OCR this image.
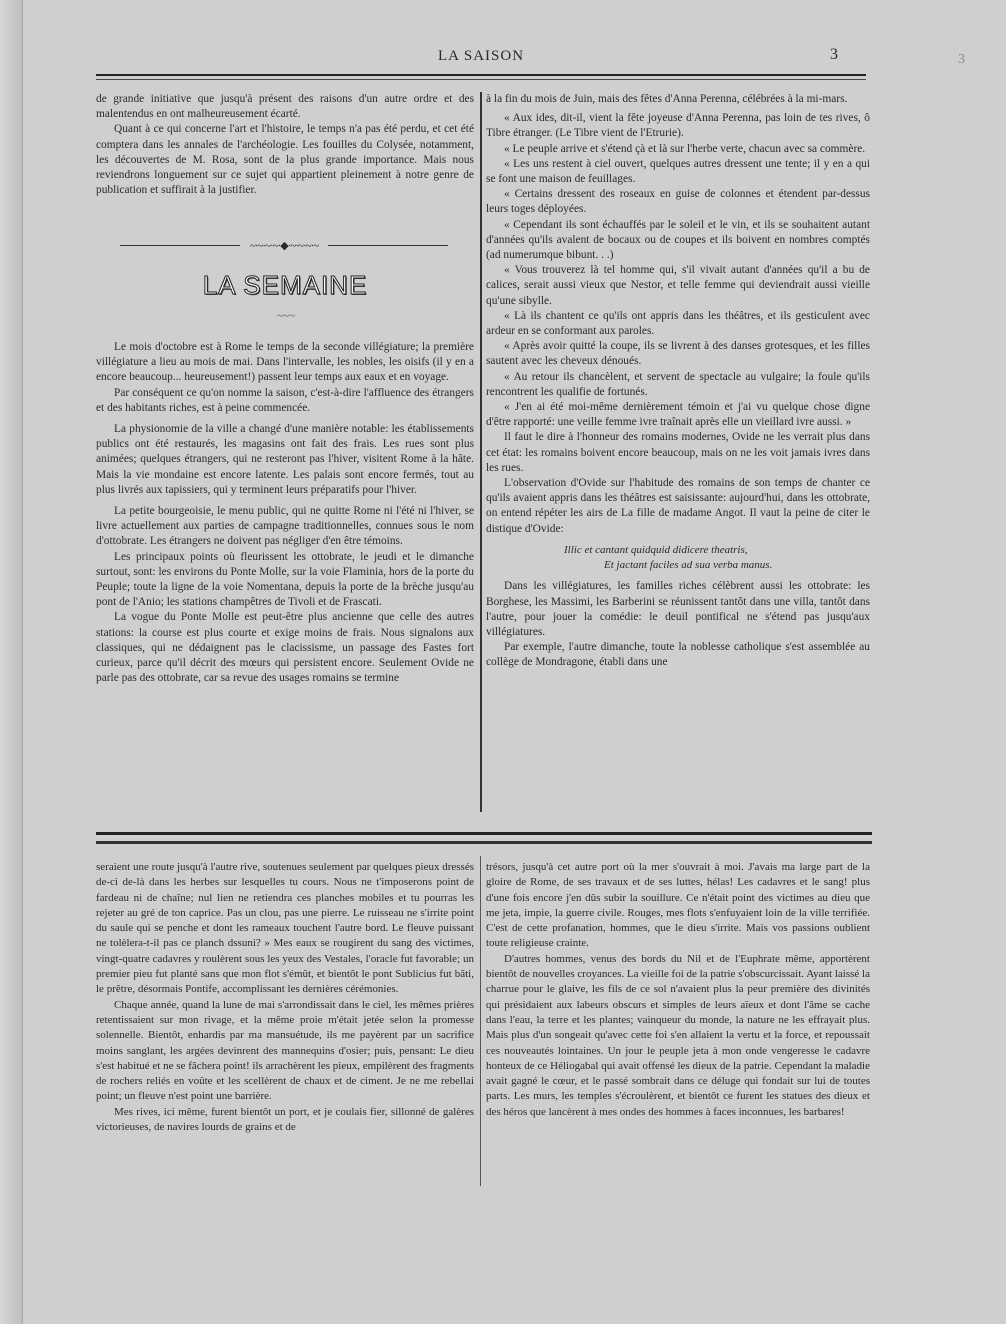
3
LA SAISON	3

de grande initiative que jusqu'à présent des raisons d'un autre ordre et des malentendus en ont malheureusement écarté.

Quant à ce qui concerne l'art et l'histoire, le temps n'a pas été perdu, et cet été comptera dans les annales de l'archéologie. Les fouilles du Colysée, notamment, les découvertes de M. Rosa, sont de la plus grande importance. Mais nous reviendrons longuement sur ce sujet qui appartient pleinement à notre genre de publication et suffirait à la justifier.

~·~·~·~·◆·~·~·~·~
LA SEMAINE
~~~

Le mois d'octobre est à Rome le temps de la seconde villégiature; la première villégiature a lieu au mois de mai. Dans l'intervalle, les nobles, les oisifs (il y en a encore beaucoup... heureusement!) passent leur temps aux eaux et en voyage.

Par conséquent ce qu'on nomme la saison, c'est-à-dire l'affluence des étrangers et des habitants riches, est à peine commencée.

La physionomie de la ville a changé d'une manière notable: les établissements publics ont été restaurés, les magasins ont fait des frais. Les rues sont plus animées; quelques étrangers, qui ne resteront pas l'hiver, visitent Rome à la hâte. Mais la vie mondaine est encore latente. Les palais sont encore fermés, tout au plus livrés aux tapissiers, qui y terminent leurs préparatifs pour l'hiver.

La petite bourgeoisie, le menu public, qui ne quitte Rome ni l'été ni l'hiver, se livre actuellement aux parties de campagne traditionnelles, connues sous le nom d'ottobrate. Les étrangers ne doivent pas négliger d'en être témoins.

Les principaux points où fleurissent les ottobrate, le jeudi et le dimanche surtout, sont: les environs du Ponte Molle, sur la voie Flaminia, hors de la porte du Peuple; toute la ligne de la voie Nomentana, depuis la porte de la brèche jusqu'au pont de l'Anio; les stations champêtres de Tivoli et de Frascati.

La vogue du Ponte Molle est peut-être plus ancienne que celle des autres stations: la course est plus courte et exige moins de frais. Nous signalons aux classiques, qui ne dédaignent pas le clacissisme, un passage des Fastes fort curieux, parce qu'il décrit des mœurs qui persistent encore. Seulement Ovide ne parle pas des ottobrate, car sa revue des usages romains se termine

à la fin du mois de Juin, mais des fêtes d'Anna Perenna, célébrées à la mi-mars.

« Aux ides, dit-il, vient la fête joyeuse d'Anna Perenna, pas loin de tes rives, ô Tibre étranger. (Le Tibre vient de l'Etrurie).

« Le peuple arrive et s'étend çà et là sur l'herbe verte, chacun avec sa commère.

« Les uns restent à ciel ouvert, quelques autres dressent une tente; il y en a qui se font une maison de feuillages.

« Certains dressent des roseaux en guise de colonnes et étendent par-dessus leurs toges déployées.

« Cependant ils sont échauffés par le soleil et le vin, et ils se souhaitent autant d'années qu'ils avalent de bocaux ou de coupes et ils boivent en nombres comptés (ad numerumque bibunt. . .)

« Vous trouverez là tel homme qui, s'il vivait autant d'années qu'il a bu de calices, serait aussi vieux que Nestor, et telle femme qui deviendrait aussi vieille qu'une sibylle.

« Là ils chantent ce qu'ils ont appris dans les théâtres, et ils gesticulent avec ardeur en se conformant aux paroles.

« Après avoir quitté la coupe, ils se livrent à des danses grotesques, et les filles sautent avec les cheveux dénoués.

« Au retour ils chancèlent, et servent de spectacle au vulgaire; la foule qu'ils rencontrent les qualifie de fortunés.

« J'en ai été moi-même dernièrement témoin et j'ai vu quelque chose digne d'être rapporté: une veille femme ivre traînait après elle un vieillard ivre aussi. »

Il faut le dire à l'honneur des romains modernes, Ovide ne les verrait plus dans cet état: les romains boivent encore beaucoup, mais on ne les voit jamais ivres dans les rues.

L'observation d'Ovide sur l'habitude des romains de son temps de chanter ce qu'ils avaient appris dans les théâtres est saisissante: aujourd'hui, dans les ottobrate, on entend répéter les airs de La fille de madame Angot. Il vaut la peine de citer le distique d'Ovide:

Illic et cantant quidquid didicere theatris,
Et jactant faciles ad sua verba manus.

Dans les villégiatures, les familles riches célèbrent aussi les ottobrate: les Borghese, les Massimi, les Barberini se réunissent tantôt dans une villa, tantôt dans l'autre, pour jouer la comédie: le deuil pontifical ne s'étend pas jusqu'aux villégiatures.

Par exemple, l'autre dimanche, toute la noblesse catholique s'est assemblée au collège de Mondragone, établi dans une

seraient une route jusqu'à l'autre rive, soutenues seulement par quelques pieux dressés de-ci de-là dans les herbes sur lesquelles tu cours. Nous ne t'imposerons point de fardeau ni de chaîne; nul lien ne retiendra ces planches mobiles et tu pourras les rejeter au gré de ton caprice. Pas un clou, pas une pierre. Le ruisseau ne s'irrite point du saule qui se penche et dont les rameaux touchent l'autre bord. Le fleuve puissant ne tolèlera-t-il pas ce planch dssuni? » Mes eaux se rougirent du sang des victimes, vingt-quatre cadavres y roulèrent sous les yeux des Vestales, l'oracle fut favorable; un premier pieu fut planté sans que mon flot s'émût, et bientôt le pont Sublicius fut bâti, le prêtre, désormais Pontife, accomplissant les dernières cérémonies.

Chaque année, quand la lune de mai s'arrondissait dans le ciel, les mêmes prières retentissaient sur mon rivage, et la même proie m'était jetée selon la promesse solennelle. Bientôt, enhardis par ma mansuétude, ils me payèrent par un sacrifice moins sanglant, les argées devinrent des mannequins d'osier; puis, pensant: Le dieu s'est habitué et ne se fâchera point! ils arrachèrent les pieux, empilèrent des fragments de rochers reliés en voûte et les scellèrent de chaux et de ciment. Je ne me rebellai point; un fleuve n'est point une barrière.

Mes rives, ici même, furent bientôt un port, et je coulais fier, sillonné de galères victorieuses, de navires lourds de grains et de

trésors, jusqu'à cet autre port où la mer s'ouvrait à moi. J'avais ma large part de la gloire de Rome, de ses travaux et de ses luttes, hélas! Les cadavres et le sang! plus d'une fois encore j'en dûs subir la souillure. Ce n'était point des victimes au dieu que me jeta, impie, la guerre civile. Rouges, mes flots s'enfuyaient loin de la ville terrifiée. C'est de cette profanation, hommes, que le dieu s'irrite. Mais vos passions oublient toute religieuse crainte.

D'autres hommes, venus des bords du Nil et de l'Euphrate même, apportèrent bientôt de nouvelles croyances. La vieille foi de la patrie s'obscurcissait. Ayant laissé la charrue pour le glaive, les fils de ce sol n'avaient plus la peur première des divinités qui présidaient aux labeurs obscurs et simples de leurs aïeux et dont l'âme se cache dans l'eau, la terre et les plantes; vainqueur du monde, la nature ne les effrayait plus. Mais plus d'un songeait qu'avec cette foi s'en allaient la vertu et la force, et repoussait ces nouveautés lointaines. Un jour le peuple jeta à mon onde vengeresse le cadavre honteux de ce Héliogabal qui avait offensé les dieux de la patrie. Cependant la maladie avait gagné le cœur, et le passé sombrait dans ce déluge qui fondait sur lui de toutes parts. Les murs, les temples s'écroulèrent, et bientôt ce furent les statues des dieux et des héros que lancèrent à mes ondes des hommes à faces inconnues, les barbares!
